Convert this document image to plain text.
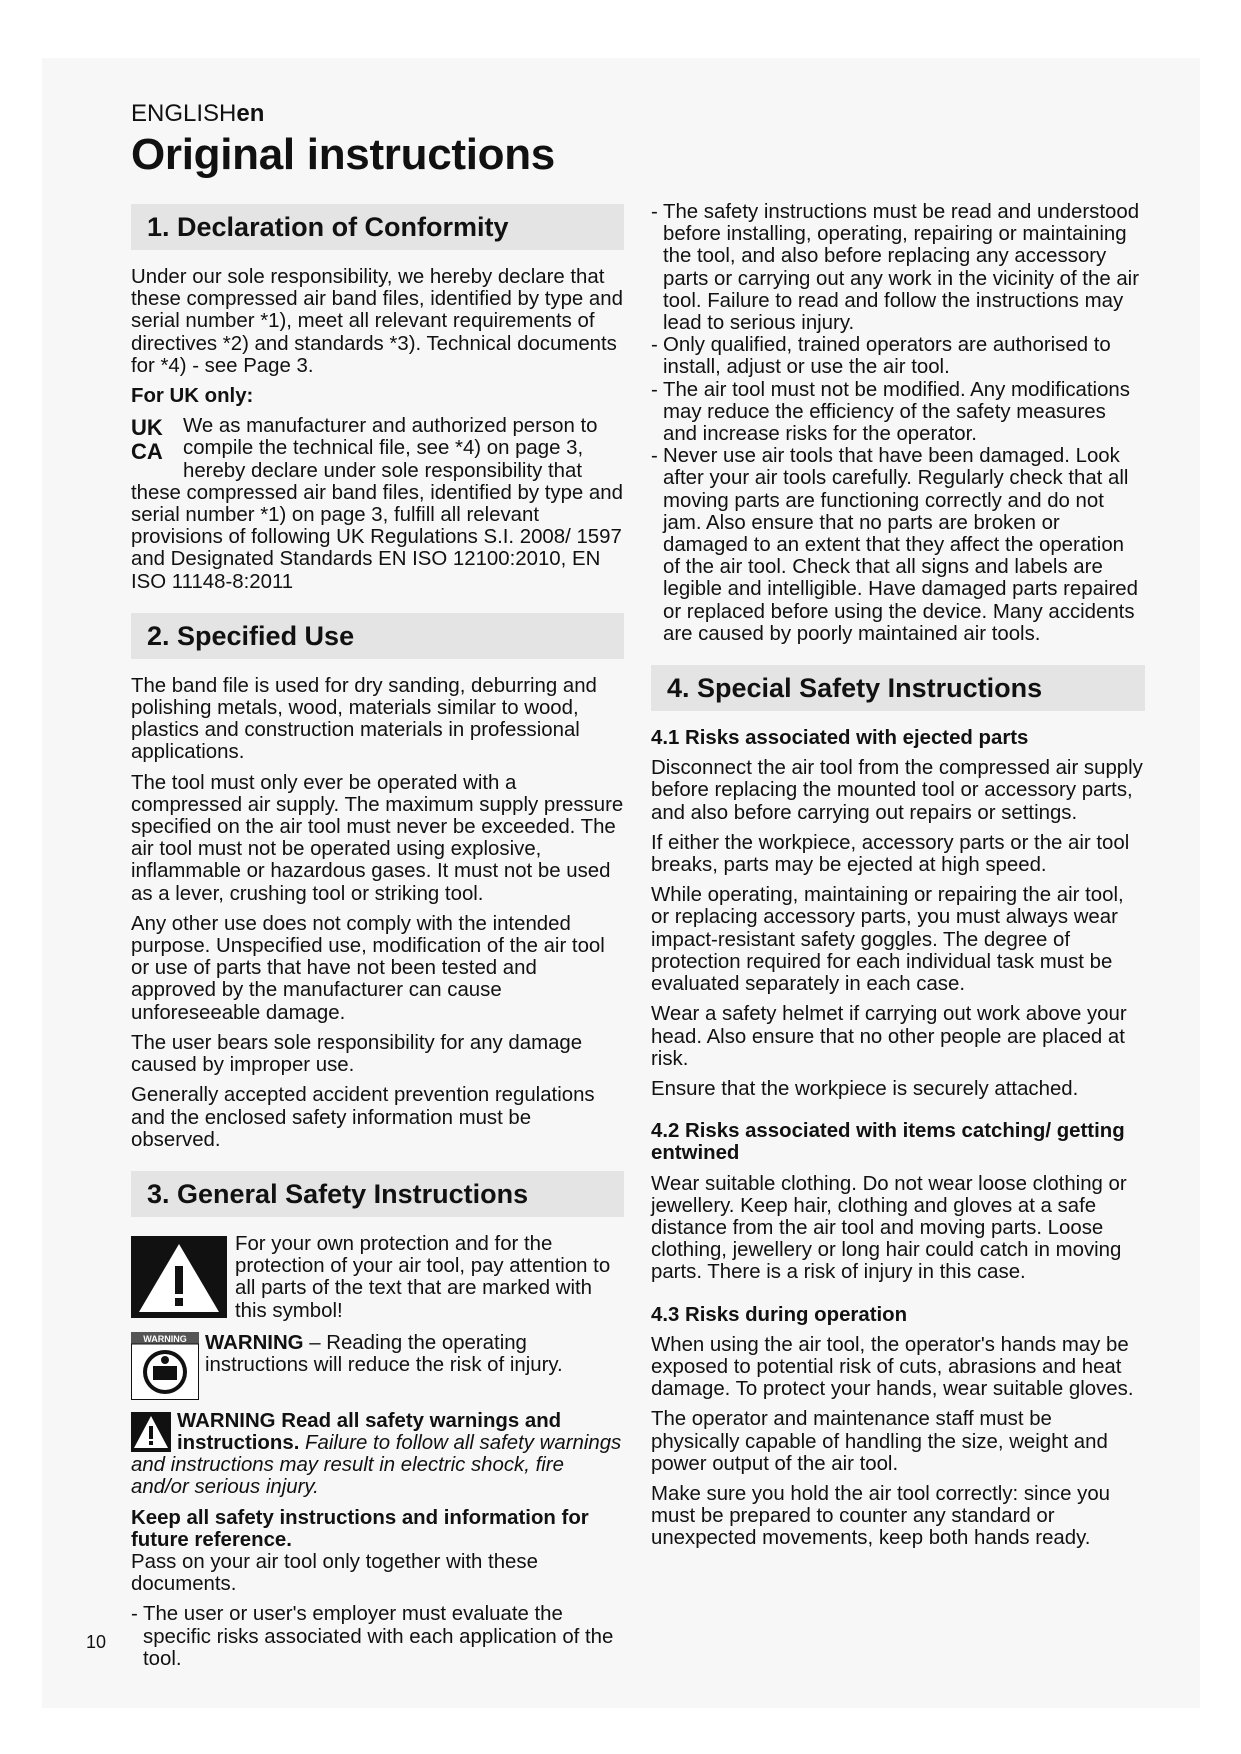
ENGLISHen
Original instructions
1. Declaration of Conformity

Under our sole responsibility, we hereby declare that these compressed air band files, identified by type and serial number *1), meet all relevant requirements of directives *2) and standards *3). Technical documents for *4) - see Page 3.

For UK only:

UK
CA
We as manufacturer and authorized person to compile the technical file, see *4) on page 3, hereby declare under sole responsibility that these compressed air band files, identified by type and serial number *1) on page 3, fulfill all relevant provisions of following UK Regulations S.I. 2008/ 1597 and Designated Standards EN ISO 12100:2010, EN ISO 11148-8:2011

2. Specified Use

The band file is used for dry sanding, deburring and polishing metals, wood, materials similar to wood, plastics and construction materials in professional applications.

The tool must only ever be operated with a compressed air supply. The maximum supply pressure specified on the air tool must never be exceeded. The air tool must not be operated using explosive, inflammable or hazardous gases. It must not be used as a lever, crushing tool or striking tool.

Any other use does not comply with the intended purpose. Unspecified use, modification of the air tool or use of parts that have not been tested and approved by the manufacturer can cause unforeseeable damage.

The user bears sole responsibility for any damage caused by improper use.

Generally accepted accident prevention regulations and the enclosed safety information must be observed.

3. General Safety Instructions
For your own protection and for the protection of your air tool, pay attention to all parts of the text that are marked with this symbol!
WARNING WARNING – Reading the operating instructions will reduce the risk of injury.

WARNING Read all safety warnings and instructions. Failure to follow all safety warnings and instructions may result in electric shock, fire and/or serious injury.

Keep all safety instructions and information for future reference.

Pass on your air tool only together with these documents.

- The user or user's employer must evaluate the specific risks associated with each application of the tool.
- The safety instructions must be read and understood before installing, operating, repairing or maintaining the tool, and also before replacing any accessory parts or carrying out any work in the vicinity of the air tool. Failure to read and follow the instructions may lead to serious injury.
- Only qualified, trained operators are authorised to install, adjust or use the air tool.
- The air tool must not be modified. Any modifications may reduce the efficiency of the safety measures and increase risks for the operator.
- Never use air tools that have been damaged. Look after your air tools carefully. Regularly check that all moving parts are functioning correctly and do not jam. Also ensure that no parts are broken or damaged to an extent that they affect the operation of the air tool. Check that all signs and labels are legible and intelligible. Have damaged parts repaired or replaced before using the device. Many accidents are caused by poorly maintained air tools.
4. Special Safety Instructions

4.1 Risks associated with ejected parts

Disconnect the air tool from the compressed air supply before replacing the mounted tool or accessory parts, and also before carrying out repairs or settings.

If either the workpiece, accessory parts or the air tool breaks, parts may be ejected at high speed.

While operating, maintaining or repairing the air tool, or replacing accessory parts, you must always wear impact-resistant safety goggles. The degree of protection required for each individual task must be evaluated separately in each case.

Wear a safety helmet if carrying out work above your head. Also ensure that no other people are placed at risk.

Ensure that the workpiece is securely attached.

4.2 Risks associated with items catching/ getting entwined

Wear suitable clothing. Do not wear loose clothing or jewellery. Keep hair, clothing and gloves at a safe distance from the air tool and moving parts. Loose clothing, jewellery or long hair could catch in moving parts. There is a risk of injury in this case.

4.3 Risks during operation

When using the air tool, the operator's hands may be exposed to potential risk of cuts, abrasions and heat damage. To protect your hands, wear suitable gloves.

The operator and maintenance staff must be physically capable of handling the size, weight and power output of the air tool.

Make sure you hold the air tool correctly: since you must be prepared to counter any standard or unexpected movements, keep both hands ready.

10
